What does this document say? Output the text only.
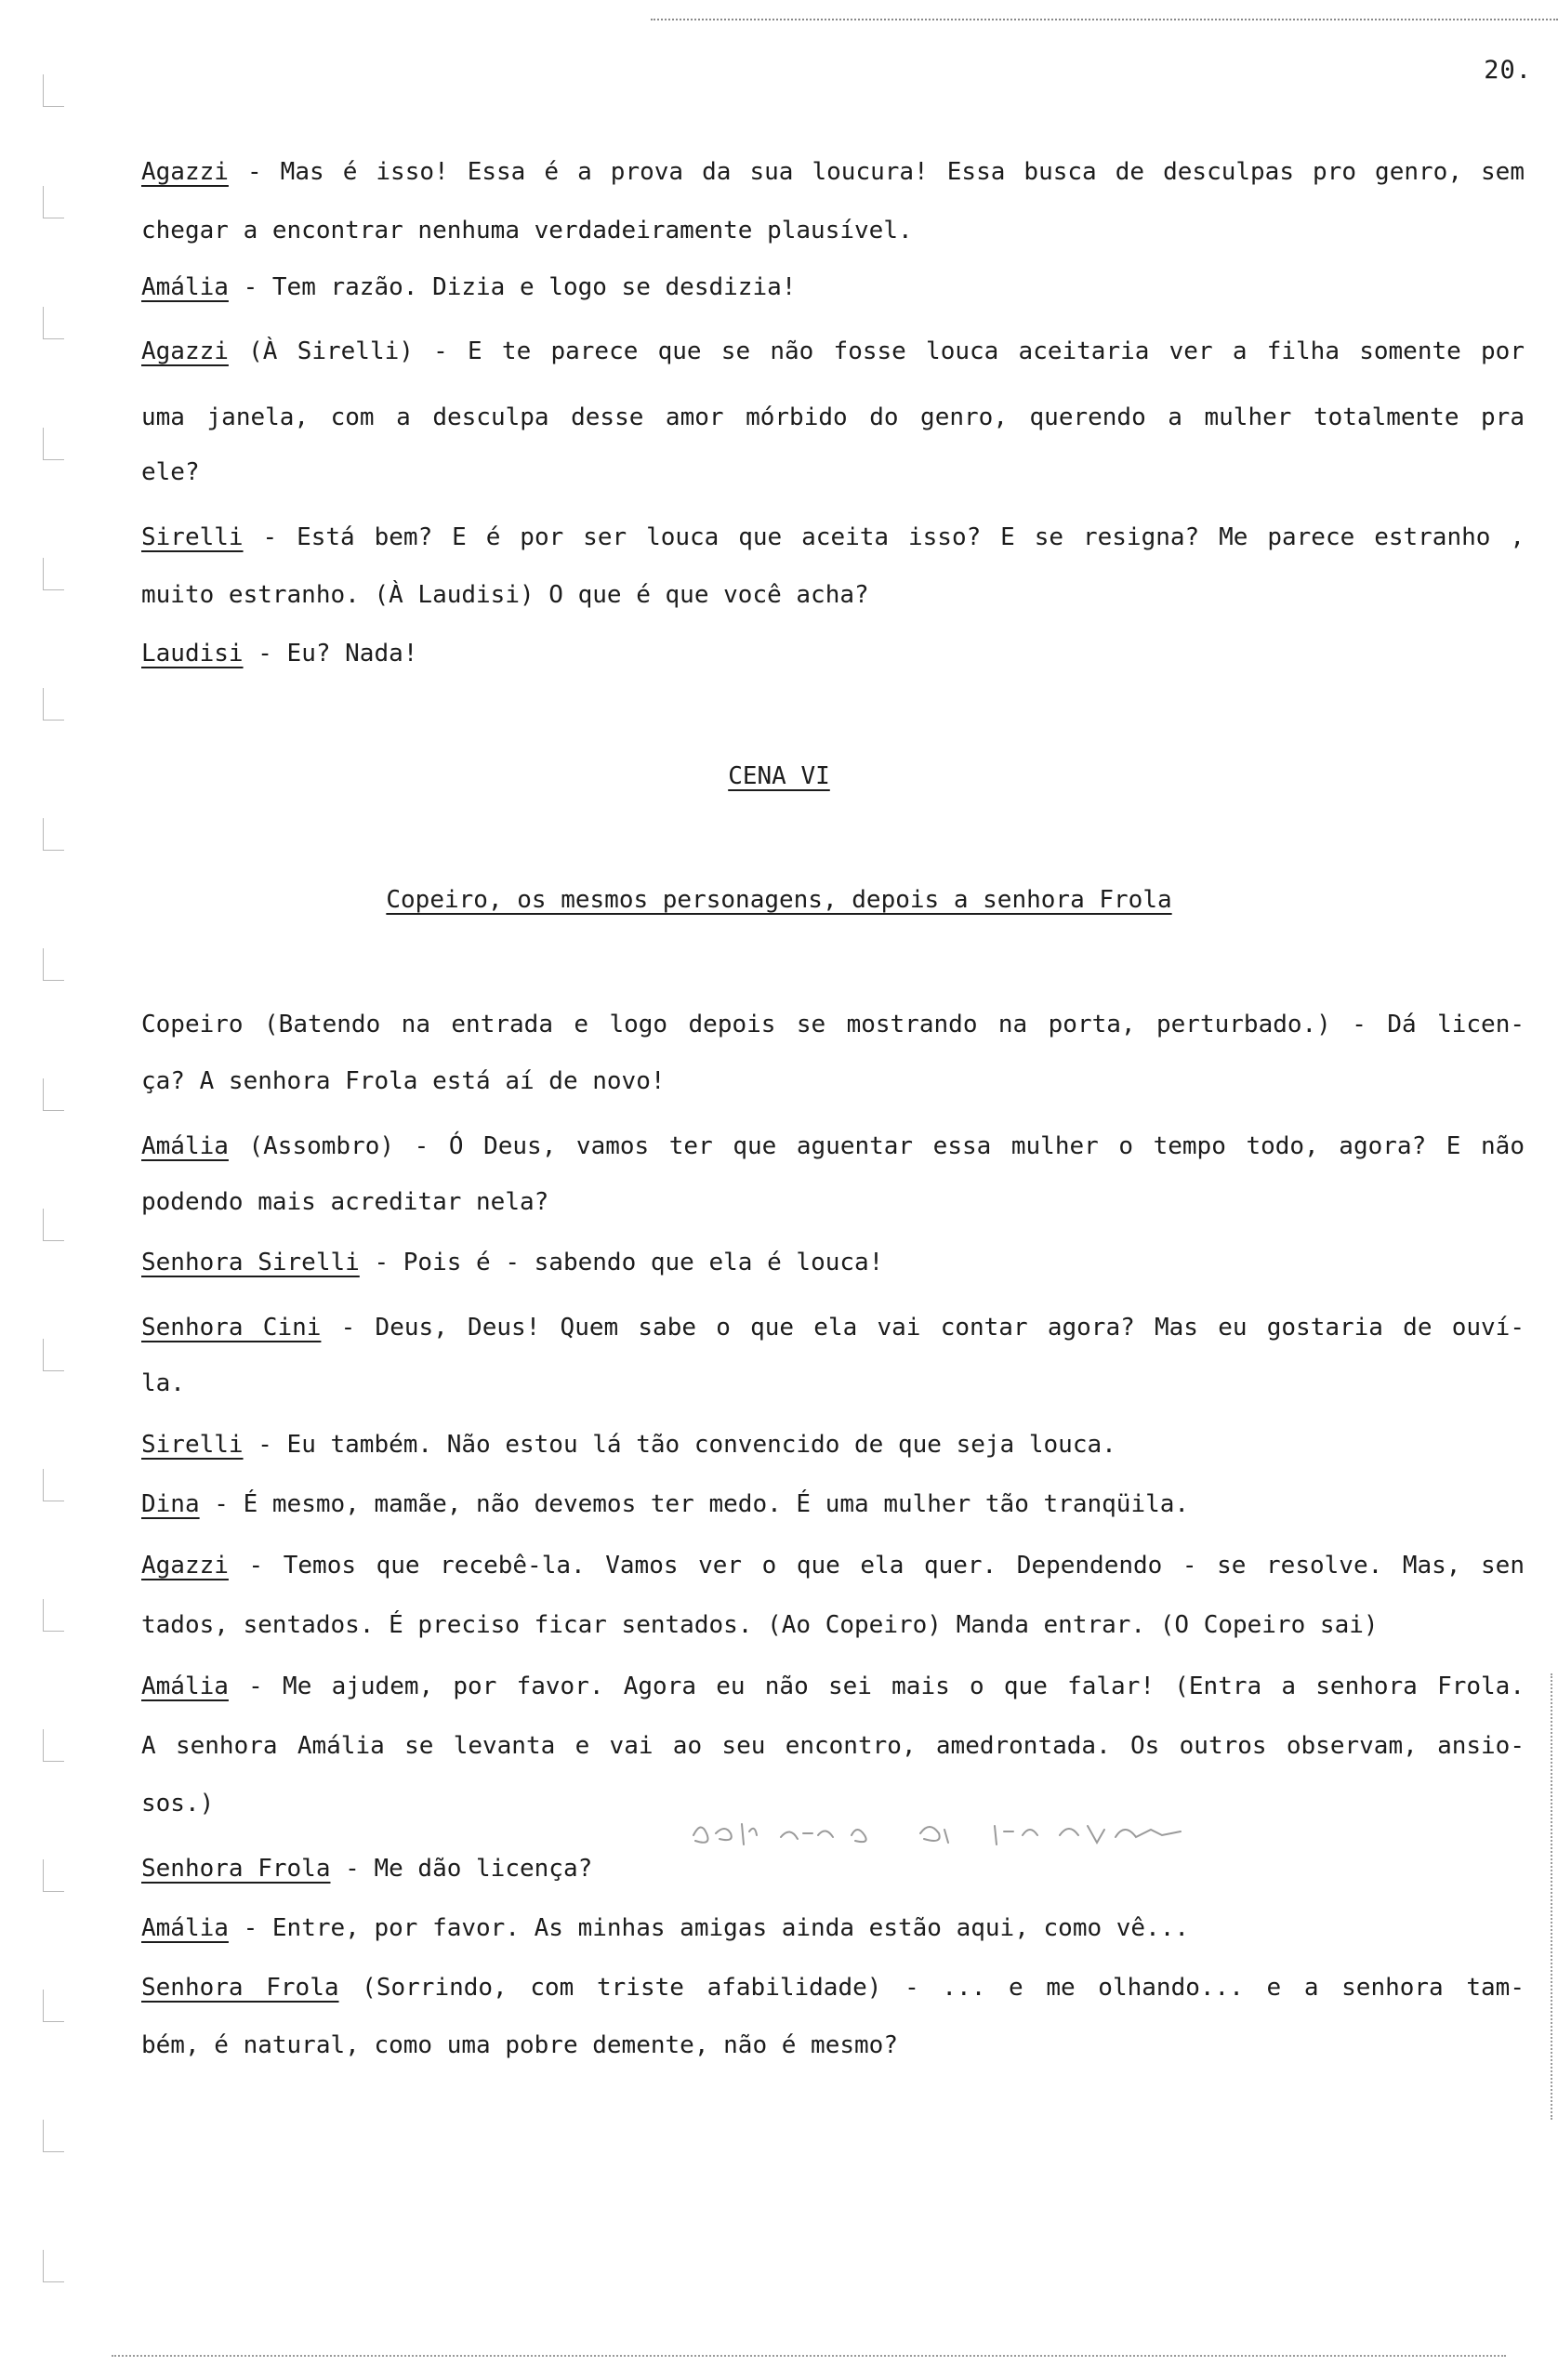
20.
Agazzi - Mas é isso! Essa é a prova da sua loucura! Essa busca de desculpas pro genro, sem
chegar a encontrar nenhuma verdadeiramente plausível.
Amália - Tem razão. Dizia e logo se desdizia!
Agazzi (À Sirelli) - E te parece que se não fosse louca aceitaria ver a filha somente por
uma janela, com a desculpa desse amor mórbido do genro, querendo a mulher totalmente pra
ele?
Sirelli - Está bem? E é por ser louca que aceita isso? E se resigna? Me parece estranho ,
muito estranho. (À Laudisi) O que é que você acha?
Laudisi - Eu? Nada!
CENA VI
Copeiro, os mesmos personagens, depois a senhora Frola
Copeiro (Batendo na entrada e logo depois se mostrando na porta, perturbado.) - Dá licen-
ça? A senhora Frola está aí de novo!
Amália (Assombro) - Ó Deus, vamos ter que aguentar essa mulher o tempo todo, agora? E não
podendo mais acreditar nela?
Senhora Sirelli - Pois é - sabendo que ela é louca!
Senhora Cini - Deus, Deus! Quem sabe o que ela vai contar agora? Mas eu gostaria de ouví-
la.
Sirelli - Eu também. Não estou lá tão convencido de que seja louca.
Dina - É mesmo, mamãe, não devemos ter medo. É uma mulher tão tranqüila.
Agazzi - Temos que recebê-la. Vamos ver o que ela quer. Dependendo - se resolve. Mas, sen
tados, sentados. É preciso ficar sentados. (Ao Copeiro) Manda entrar. (O Copeiro sai)
Amália - Me ajudem, por favor. Agora eu não sei mais o que falar! (Entra a senhora Frola.
A senhora Amália se levanta e vai ao seu encontro, amedrontada. Os outros observam, ansio-
sos.)
Senhora Frola - Me dão licença?
Amália - Entre, por favor. As minhas amigas ainda estão aqui, como vê...
Senhora Frola (Sorrindo, com triste afabilidade) - ... e me olhando... e a senhora tam-
bém, é natural, como uma pobre demente, não é mesmo?
